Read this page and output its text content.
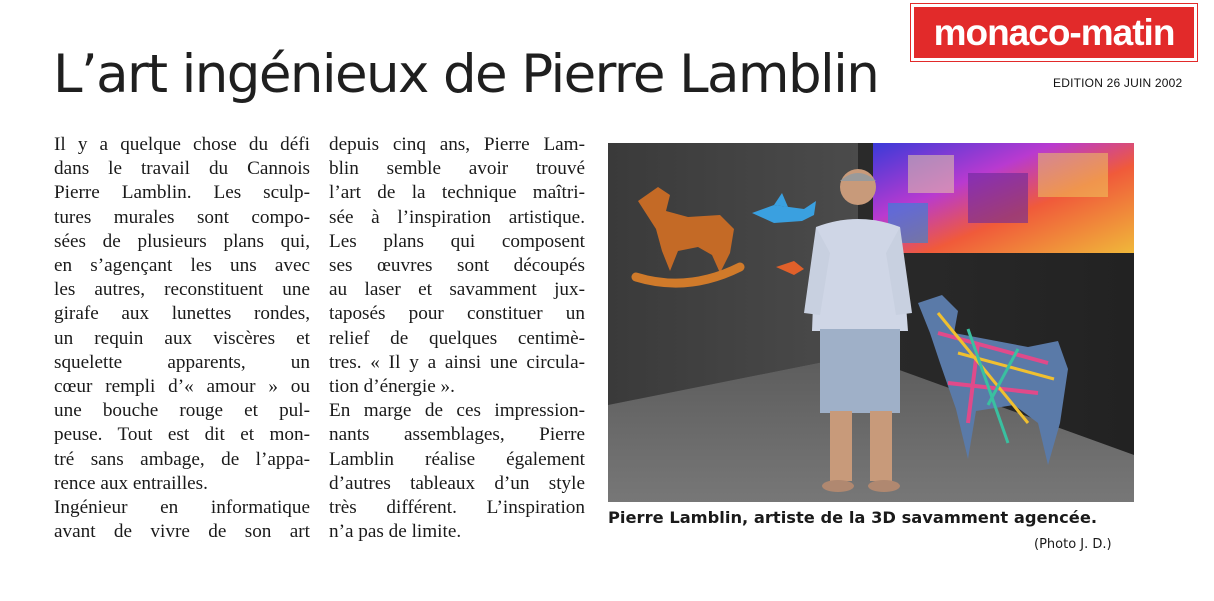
monaco-matin
EDITION 26 JUIN 2002
L’art ingénieux de Pierre Lamblin

Il y a quelque chose du défi
dans le travail du Cannois
Pierre Lamblin. Les sculp-
tures murales sont compo-
sées de plusieurs plans qui,
en s’agençant les uns avec
les autres, reconstituent une
girafe aux lunettes rondes,
un requin aux viscères et
squelette apparents, un
cœur rempli d’« amour » ou
une bouche rouge et pul-
peuse. Tout est dit et mon-
tré sans ambage, de l’appa-
rence aux entrailles.

Ingénieur en informatique
avant de vivre de son art

depuis cinq ans, Pierre Lam-
blin semble avoir trouvé
l’art de la technique maîtri-
sée à l’inspiration artistique.
Les plans qui composent
ses œuvres sont découpés
au laser et savamment jux-
taposés pour constituer un
relief de quelques centimè-
tres. « Il y a ainsi une circula-
tion d’énergie ».

En marge de ces impression-
nants assemblages, Pierre
Lamblin réalise également
d’autres tableaux d’un style
très différent. L’inspiration
n’a pas de limite.

Pierre Lamblin, artiste de la 3D savamment agencée.
(Photo J. D.)
